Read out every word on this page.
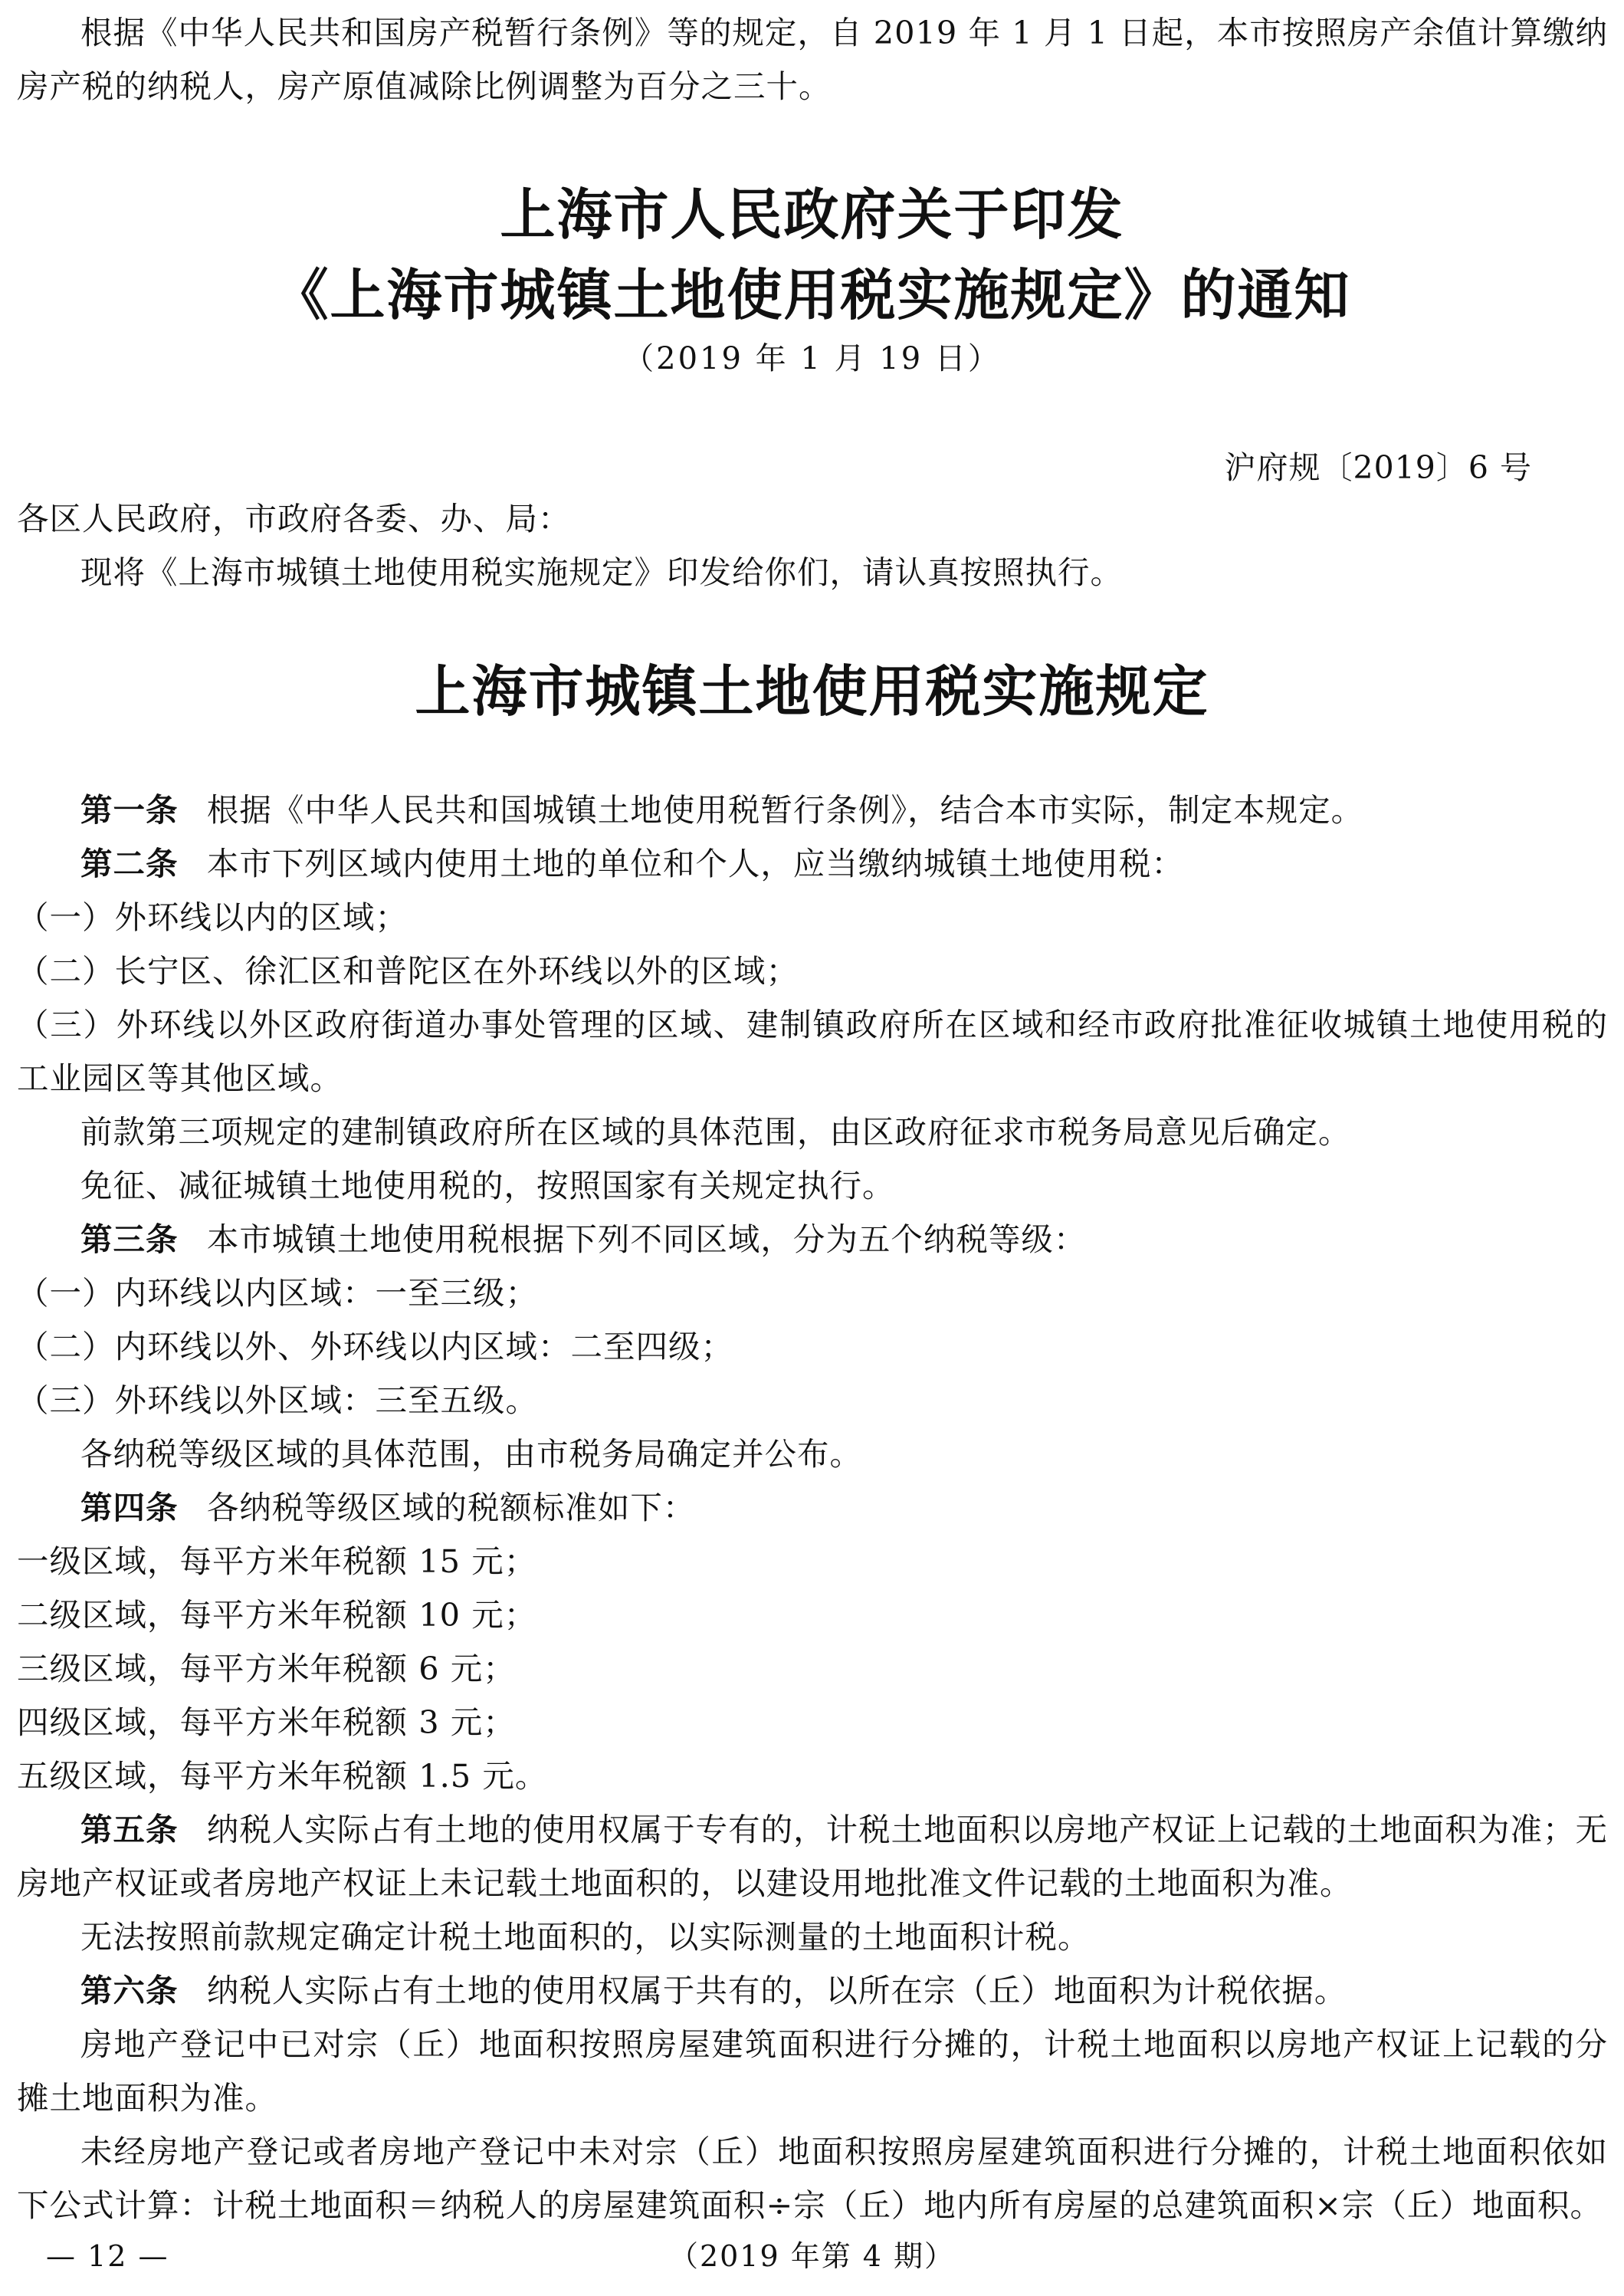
根据《中华人民共和国房产税暂行条例》等的规定，自 2019 年 1 月 1 日起，本市按照房产余值计算缴纳房产税的纳税人，房产原值减除比例调整为百分之三十。

上海市人民政府关于印发

《上海市城镇土地使用税实施规定》的通知

（2019 年 1 月 19 日）

沪府规〔2019〕6 号

各区人民政府，市政府各委、办、局：

现将《上海市城镇土地使用税实施规定》印发给你们，请认真按照执行。

上海市城镇土地使用税实施规定

第一条 根据《中华人民共和国城镇土地使用税暂行条例》，结合本市实际，制定本规定。

第二条 本市下列区域内使用土地的单位和个人，应当缴纳城镇土地使用税：

（一）外环线以内的区域；

（二）长宁区、徐汇区和普陀区在外环线以外的区域；

（三）外环线以外区政府街道办事处管理的区域、建制镇政府所在区域和经市政府批准征收城镇土地使用税的工业园区等其他区域。

前款第三项规定的建制镇政府所在区域的具体范围，由区政府征求市税务局意见后确定。

免征、减征城镇土地使用税的，按照国家有关规定执行。

第三条 本市城镇土地使用税根据下列不同区域，分为五个纳税等级：

（一）内环线以内区域：一至三级；

（二）内环线以外、外环线以内区域：二至四级；

（三）外环线以外区域：三至五级。

各纳税等级区域的具体范围，由市税务局确定并公布。

第四条 各纳税等级区域的税额标准如下：

一级区域，每平方米年税额 15 元；

二级区域，每平方米年税额 10 元；

三级区域，每平方米年税额 6 元；

四级区域，每平方米年税额 3 元；

五级区域，每平方米年税额 1.5 元。

第五条 纳税人实际占有土地的使用权属于专有的，计税土地面积以房地产权证上记载的土地面积为准；无房地产权证或者房地产权证上未记载土地面积的，以建设用地批准文件记载的土地面积为准。

无法按照前款规定确定计税土地面积的，以实际测量的土地面积计税。

第六条 纳税人实际占有土地的使用权属于共有的，以所在宗（丘）地面积为计税依据。

房地产登记中已对宗（丘）地面积按照房屋建筑面积进行分摊的，计税土地面积以房地产权证上记载的分摊土地面积为准。

未经房地产登记或者房地产登记中未对宗（丘）地面积按照房屋建筑面积进行分摊的，计税土地面积依如下公式计算：计税土地面积＝纳税人的房屋建筑面积÷宗（丘）地内所有房屋的总建筑面积×宗（丘）地面积。

— 12 —	（2019 年第 4 期）
